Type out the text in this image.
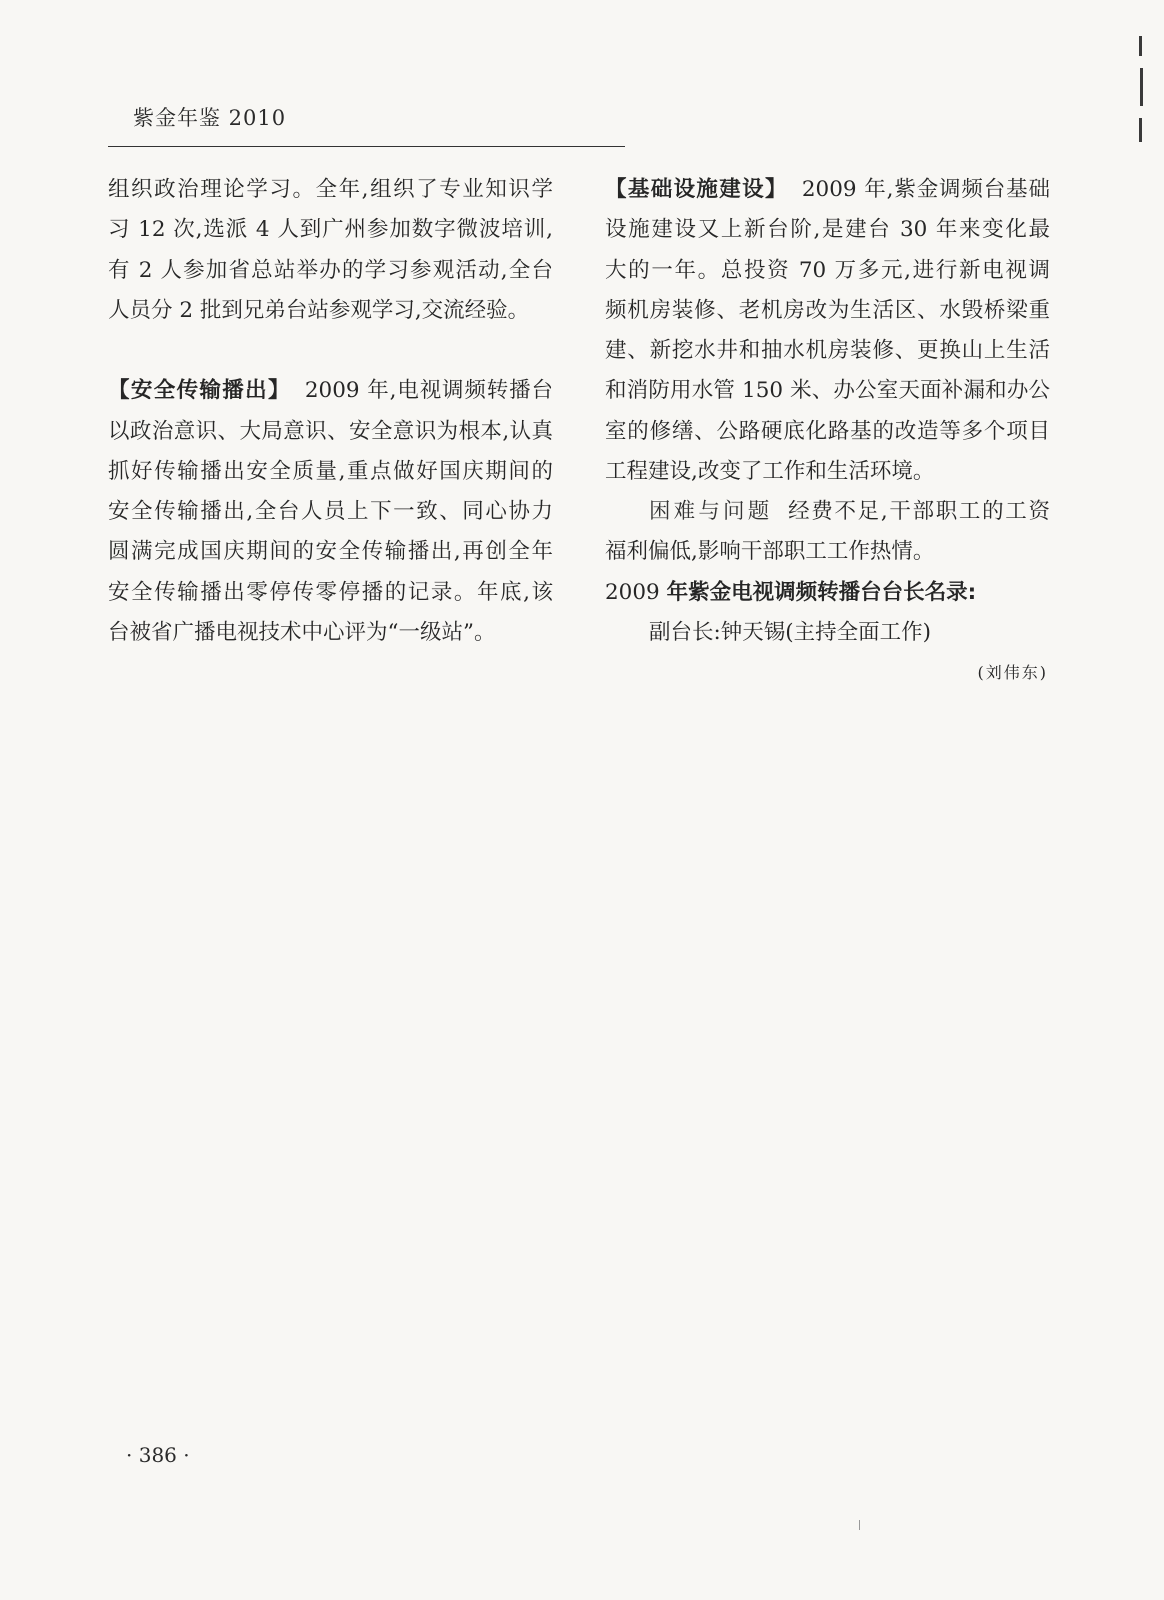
紫金年鉴 2010
组织政治理论学习。全年,组织了专业知识学
习 12 次,选派 4 人到广州参加数字微波培训,
有 2 人参加省总站举办的学习参观活动,全台
人员分 2 批到兄弟台站参观学习,交流经验。
【安全传输播出】 2009 年,电视调频转播台
以政治意识、大局意识、安全意识为根本,认真
抓好传输播出安全质量,重点做好国庆期间的
安全传输播出,全台人员上下一致、同心协力
圆满完成国庆期间的安全传输播出,再创全年
安全传输播出零停传零停播的记录。年底,该
台被省广播电视技术中心评为“一级站”。
【基础设施建设】 2009 年,紫金调频台基础
设施建设又上新台阶,是建台 30 年来变化最
大的一年。总投资 70 万多元,进行新电视调
频机房装修、老机房改为生活区、水毁桥梁重
建、新挖水井和抽水机房装修、更换山上生活
和消防用水管 150 米、办公室天面补漏和办公
室的修缮、公路硬底化路基的改造等多个项目
工程建设,改变了工作和生活环境。
困难与问题 经费不足,干部职工的工资
福利偏低,影响干部职工工作热情。
2009 年紫金电视调频转播台台长名录:
副台长:钟天锡(主持全面工作)
(刘伟东)
· 386 ·
